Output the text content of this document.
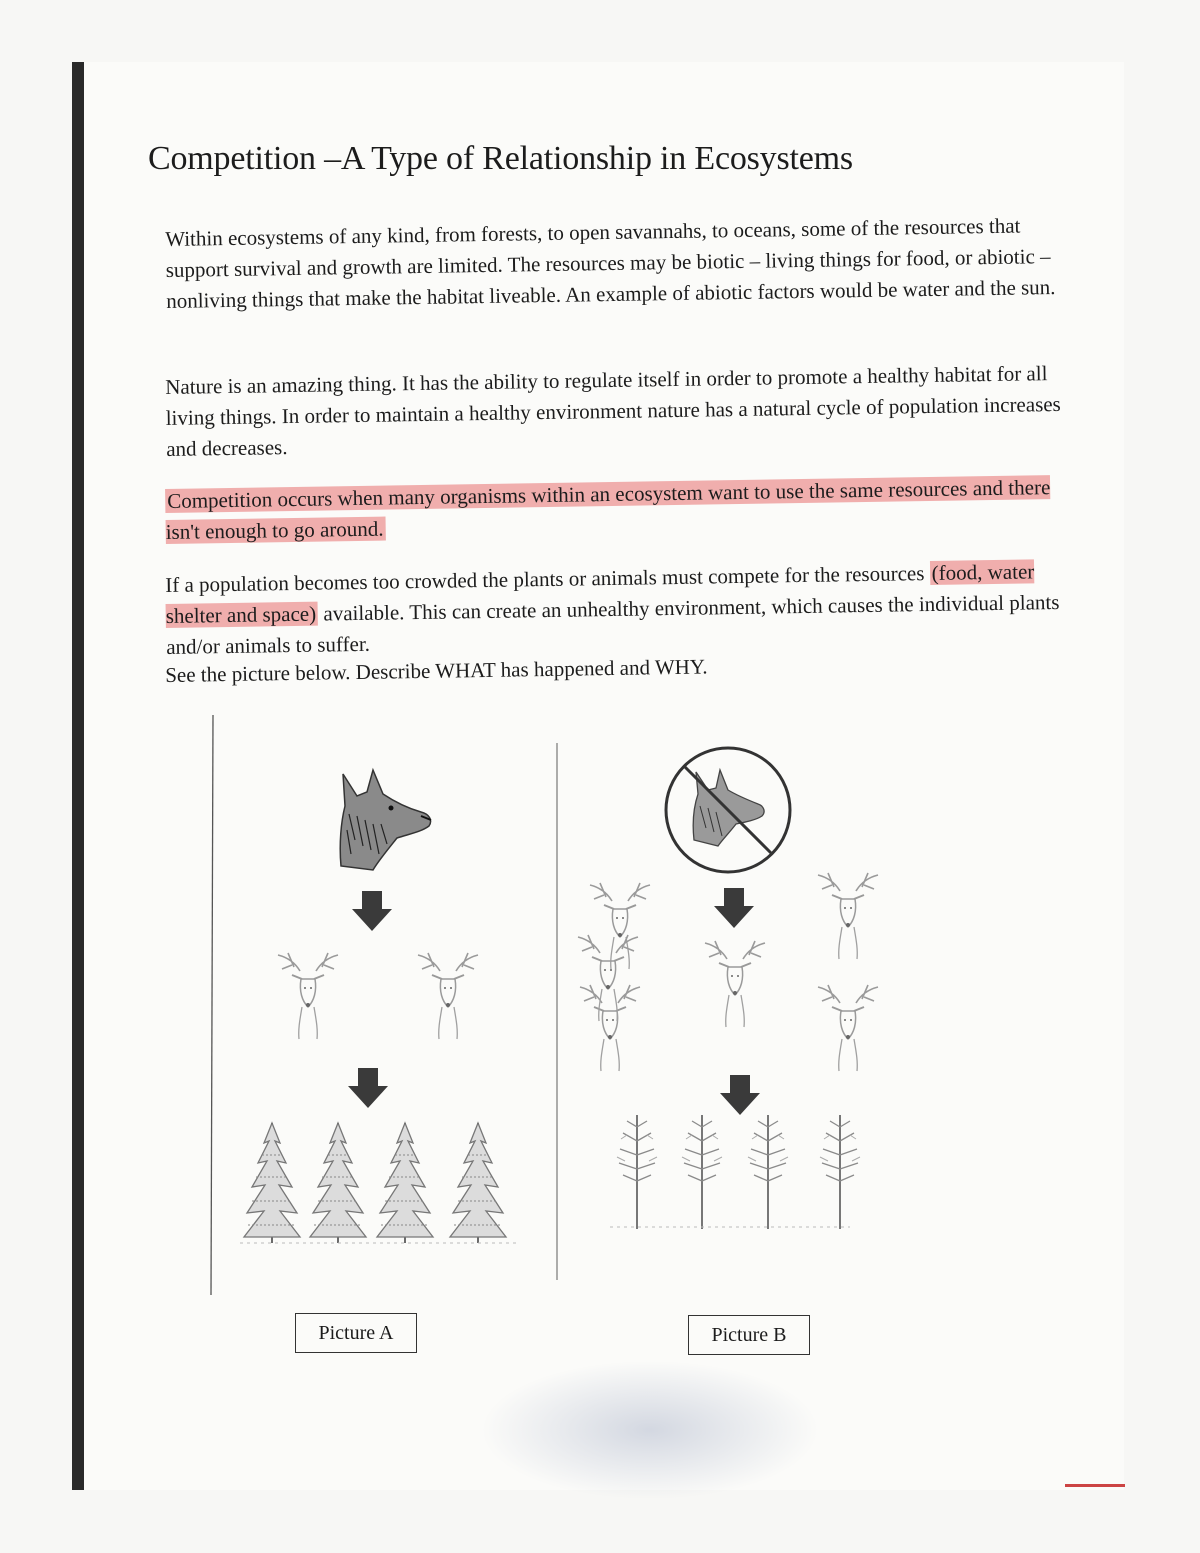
Competition –A Type of Relationship in Ecosystems

Within ecosystems of any kind, from forests, to open savannahs, to oceans, some of the resources that support survival and growth are limited. The resources may be biotic – living things for food, or abiotic – nonliving things that make the habitat liveable. An example of abiotic factors would be water and the sun.

Nature is an amazing thing. It has the ability to regulate itself in order to promote a healthy habitat for all living things. In order to maintain a healthy environment nature has a natural cycle of population increases and decreases.

Competition occurs when many organisms within an ecosystem want to use the same resources and there isn't enough to go around.

If a population becomes too crowded the plants or animals must compete for the resources (food, water shelter and space) available. This can create an unhealthy environment, which causes the individual plants and/or animals to suffer.

See the picture below. Describe WHAT has happened and WHY.

Picture A	Picture B
